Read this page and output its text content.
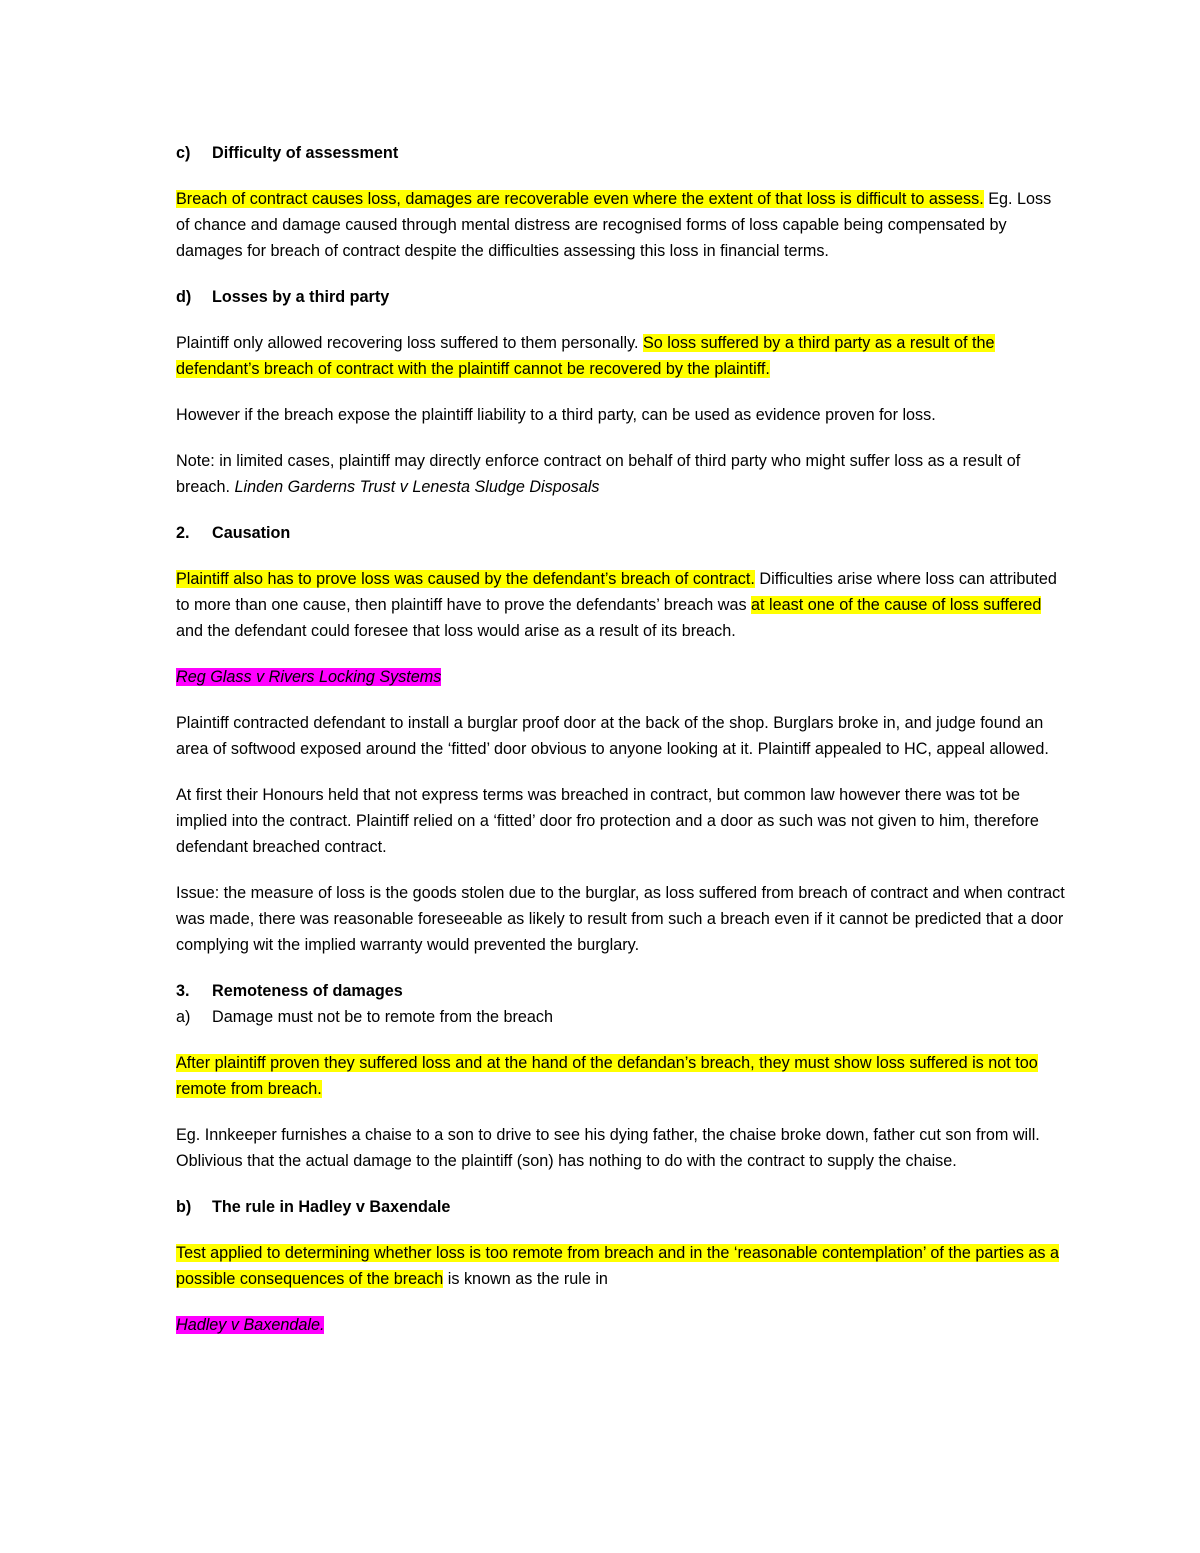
c)	Difficulty of assessment

Breach of contract causes loss, damages are recoverable even where the extent of that loss is difficult to assess. Eg. Loss of chance and damage caused through mental distress are recognised forms of loss capable being compensated by damages for breach of contract despite the difficulties assessing this loss in financial terms.

d)	Losses by a third party

Plaintiff only allowed recovering loss suffered to them personally. So loss suffered by a third party as a result of the defendant’s breach of contract with the plaintiff cannot be recovered by the plaintiff.

However if the breach expose the plaintiff liability to a third party, can be used as evidence proven for loss.

Note: in limited cases, plaintiff may directly enforce contract on behalf of third party who might suffer loss as a result of breach. Linden Garderns Trust v Lenesta Sludge Disposals

2.	Causation

Plaintiff also has to prove loss was caused by the defendant’s breach of contract. Difficulties arise where loss can attributed to more than one cause, then plaintiff have to prove the defendants’ breach was at least one of the cause of loss suffered and the defendant could foresee that loss would arise as a result of its breach.

Reg Glass v Rivers Locking Systems

Plaintiff contracted defendant to install a burglar proof door at the back of the shop. Burglars broke in, and judge found an area of softwood exposed around the ‘fitted’ door obvious to anyone looking at it. Plaintiff appealed to HC, appeal allowed.

At first their Honours held that not express terms was breached in contract, but common law however there was tot be implied into the contract. Plaintiff relied on a ‘fitted’ door fro protection and a door as such was not given to him, therefore defendant breached contract.

Issue: the measure of loss is the goods stolen due to the burglar, as loss suffered from breach of contract and when contract was made, there was reasonable foreseeable as likely to result from such a breach even if it cannot be predicted that a door complying wit the implied warranty would prevented the burglary.

3.	Remoteness of damages
a)	Damage must not be to remote from the breach

After plaintiff proven they suffered loss and at the hand of the defandan’s breach, they must show loss suffered is not too remote from breach.

Eg. Innkeeper furnishes a chaise to a son to drive to see his dying father, the chaise broke down, father cut son from will. Oblivious that the actual damage to the plaintiff (son) has nothing to do with the contract to supply the chaise.

b)	The rule in Hadley v Baxendale

Test applied to determining whether loss is too remote from breach and in the ‘reasonable contemplation’ of the parties as a possible consequences of the breach is known as the rule in

Hadley v Baxendale.
